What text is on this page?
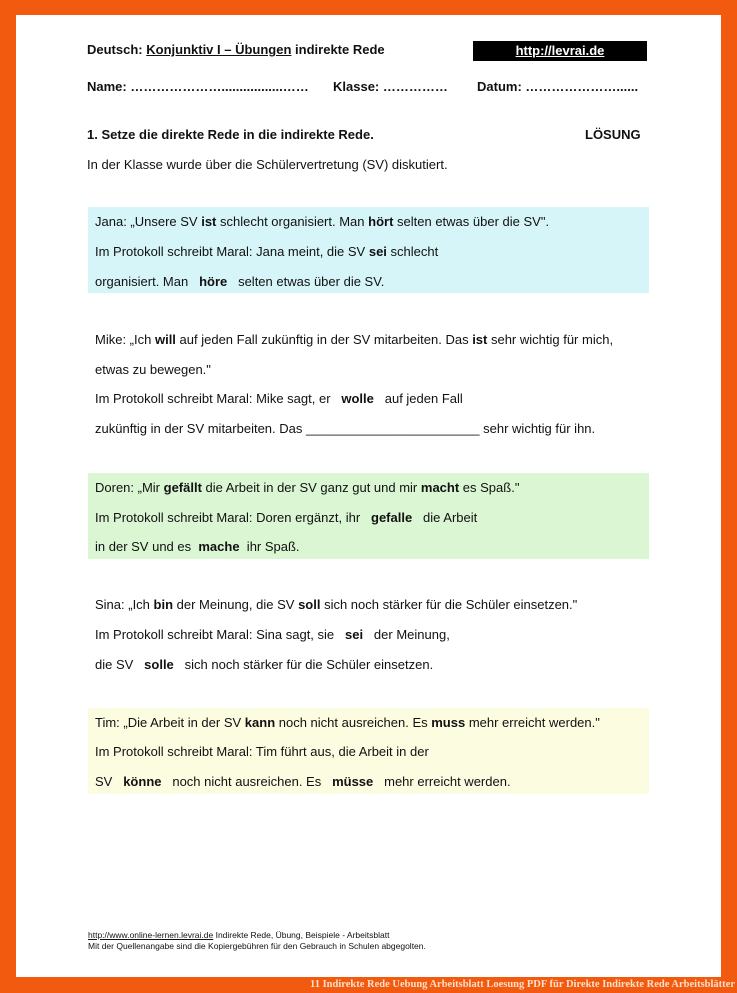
Deutsch: Konjunktiv I – Übungen indirekte Rede	http://levrai.de
Name: ………………….................…… Klasse: …………… Datum: …………………......
1. Setze die direkte Rede in die indirekte Rede.	LÖSUNG
In der Klasse wurde über die Schülervertretung (SV) diskutiert.
Jana: „Unsere SV ist schlecht organisiert. Man hört selten etwas über die SV".
Im Protokoll schreibt Maral: Jana meint, die SV sei schlecht
organisiert. Man   höre   selten etwas über die SV.
Mike: „Ich will auf jeden Fall zukünftig in der SV mitarbeiten. Das ist sehr wichtig für mich,
etwas zu bewegen."
Im Protokoll schreibt Maral: Mike sagt, er   wolle   auf jeden Fall
zukünftig in der SV mitarbeiten. Das ________________________ sehr wichtig für ihn.
Doren: „Mir gefällt die Arbeit in der SV ganz gut und mir macht es Spaß."
Im Protokoll schreibt Maral: Doren ergänzt, ihr   gefalle   die Arbeit
in der SV und es  mache  ihr Spaß.
Sina: „Ich bin der Meinung, die SV soll sich noch stärker für die Schüler einsetzen."
Im Protokoll schreibt Maral: Sina sagt, sie   sei   der Meinung,
die SV   solle   sich noch stärker für die Schüler einsetzen.
Tim: „Die Arbeit in der SV kann noch nicht ausreichen. Es muss mehr erreicht werden."
Im Protokoll schreibt Maral: Tim führt aus, die Arbeit in der
SV   könne   noch nicht ausreichen. Es   müsse   mehr erreicht werden.
http://www.online-lernen.levrai.de Indirekte Rede, Übung, Beispiele - Arbeitsblatt
Mit der Quellenangabe sind die Kopiergebühren für den Gebrauch in Schulen abgegolten.
11 Indirekte Rede Uebung Arbeitsblatt Loesung PDF für Direkte Indirekte Rede Arbeitsblätter
